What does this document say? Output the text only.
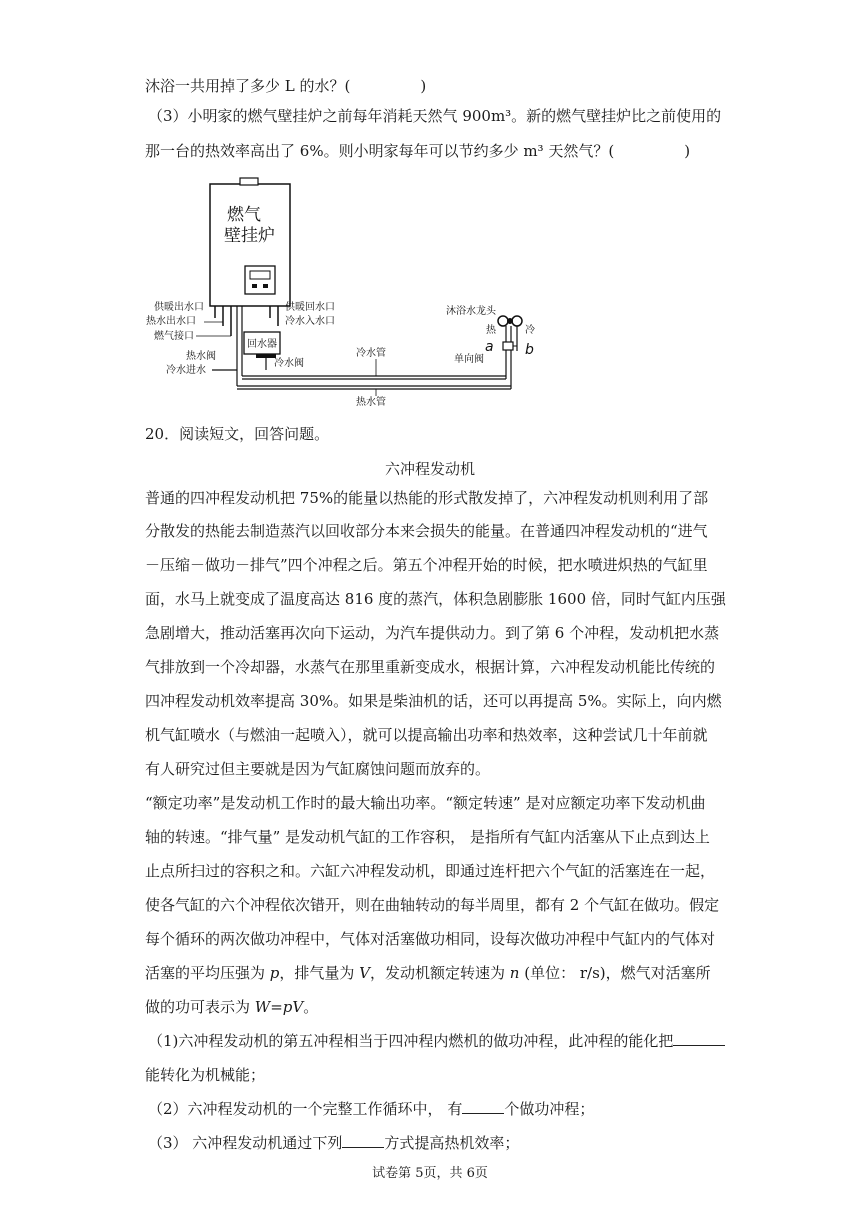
沐浴一共用掉了多少 L 的水？(	)
（3）小明家的燃气壁挂炉之前每年消耗天然气 900m³。新的燃气壁挂炉比之前使用的
那一台的热效率高出了 6%。则小明家每年可以节约多少 m³ 天然气？(	)
燃气
壁挂炉
供暖出水口
热水出水口
燃气接口
供暖回水口
冷水入水口
回水器
热水阀
冷水阀
冷水进水
冷水管
热水管
沐浴水龙头
热	冷
单向阀
a b
20．阅读短文，回答问题。
六冲程发动机
普通的四冲程发动机把 75%的能量以热能的形式散发掉了，六冲程发动机则利用了部
分散发的热能去制造蒸汽以回收部分本来会损失的能量。在普通四冲程发动机的“进气
－压缩－做功－排气”四个冲程之后。第五个冲程开始的时候，把水喷进炽热的气缸里
面，水马上就变成了温度高达 816 度的蒸汽，体积急剧膨胀 1600 倍，同时气缸内压强
急剧增大，推动活塞再次向下运动，为汽车提供动力。到了第 6 个冲程，发动机把水蒸
气排放到一个冷却器，水蒸气在那里重新变成水，根据计算，六冲程发动机能比传统的
四冲程发动机效率提高 30%。如果是柴油机的话，还可以再提高 5%。实际上，向内燃
机气缸喷水（与燃油一起喷入），就可以提高输出功率和热效率，这种尝试几十年前就
有人研究过但主要就是因为气缸腐蚀问题而放弃的。
“额定功率”是发动机工作时的最大输出功率。“额定转速” 是对应额定功率下发动机曲
轴的转速。“排气量” 是发动机气缸的工作容积， 是指所有气缸内活塞从下止点到达上
止点所扫过的容积之和。六缸六冲程发动机，即通过连杆把六个气缸的活塞连在一起，
使各气缸的六个冲程依次错开，则在曲轴转动的每半周里，都有 2 个气缸在做功。假定
每个循环的两次做功冲程中，气体对活塞做功相同，设每次做功冲程中气缸内的气体对
活塞的平均压强为 p，排气量为 V，发动机额定转速为 n (单位： r/s)，燃气对活塞所
做的功可表示为 W=pV。
（1)六冲程发动机的第五冲程相当于四冲程内燃机的做功冲程，此冲程的能化把
能转化为机械能；
（2）六冲程发动机的一个完整工作循环中， 有	个做功冲程；
（3） 六冲程发动机通过下列	方式提高热机效率；
试卷第 5页，共 6页
